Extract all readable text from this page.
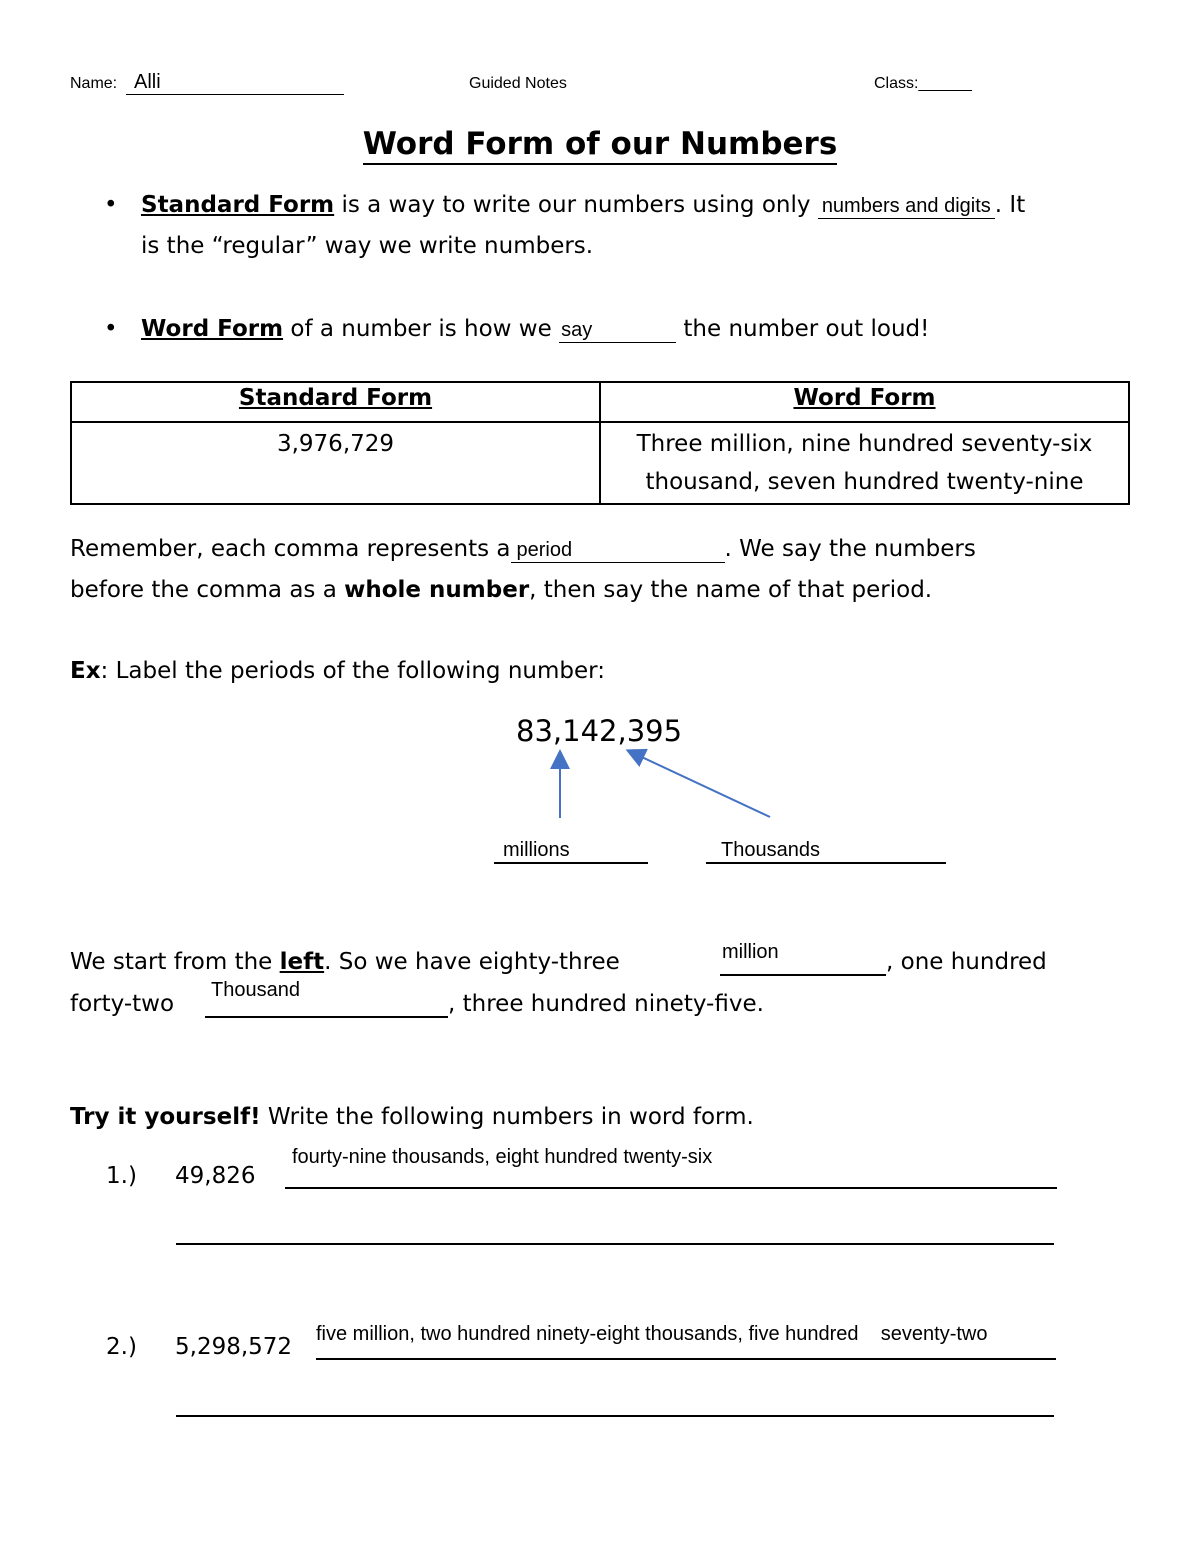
Name: Alli	Guided Notes	Class:______
Word Form of our Numbers
• Standard Form is a way to write our numbers using only numbers and digits . It
is the “regular” way we write numbers.
• Word Form of a number is how we say	the number out loud!
Standard Form	Word Form
3,976,729	Three million, nine hundred seventy-six thousand, seven hundred twenty-nine
Remember, each comma represents a period	. We say the numbers
before the comma as a whole number, then say the name of that period.
Ex: Label the periods of the following number:
83,142,395
millions	Thousands
We start from the left. So we have eighty-three	million	, one hundred
forty-two
Thousand
, three hundred ninety-five.
Try it yourself! Write the following numbers in word form.
1.) 49,826
fourty-nine thousands, eight hundred twenty-six
2.) 5,298,572 five million, two hundred ninety-eight thousands, five hundred    seventy-two
